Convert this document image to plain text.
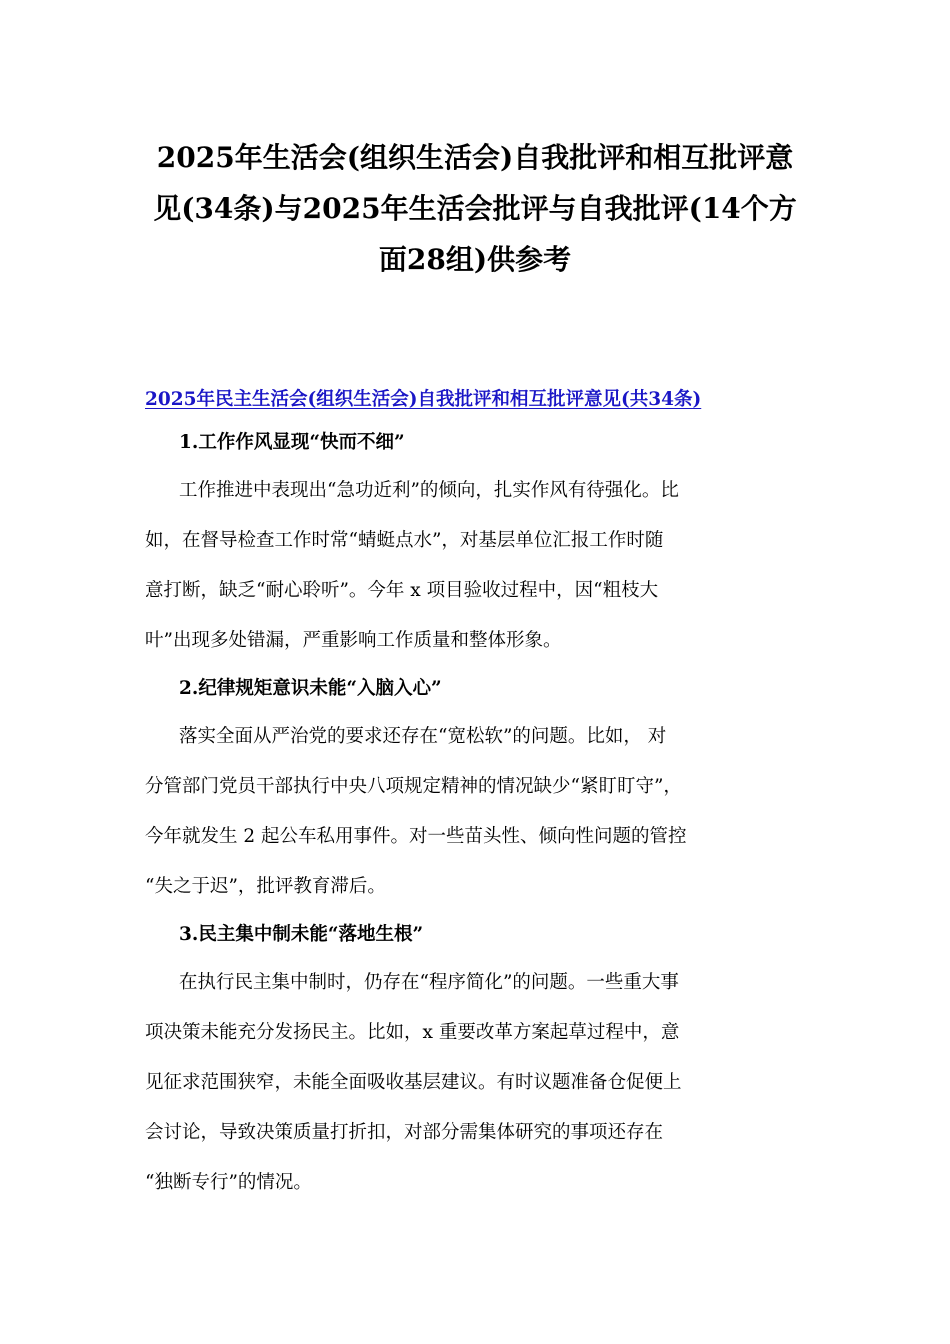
2025年生活会(组织生活会)自我批评和相互批评意
见(34条)与2025年生活会批评与自我批评(14个方
面28组)供参考
2025年民主生活会(组织生活会)自我批评和相互批评意见(共34条)

1.工作作风显现“快而不细”

工作推进中表现出“急功近利”的倾向，扎实作风有待强化。比
如，在督导检查工作时常“蜻蜓点水”，对基层单位汇报工作时随
意打断，缺乏“耐心聆听”。今年 x 项目验收过程中，因“粗枝大
叶”出现多处错漏，严重影响工作质量和整体形象。

2.纪律规矩意识未能“入脑入心”

落实全面从严治党的要求还存在“宽松软”的问题。比如， 对
分管部门党员干部执行中央八项规定精神的情况缺少“紧盯盯守”，
今年就发生 2 起公车私用事件。对一些苗头性、倾向性问题的管控
“失之于迟”，批评教育滞后。

3.民主集中制未能“落地生根”

在执行民主集中制时，仍存在“程序简化”的问题。一些重大事
项决策未能充分发扬民主。比如，x 重要改革方案起草过程中，意
见征求范围狭窄，未能全面吸收基层建议。有时议题准备仓促便上
会讨论，导致决策质量打折扣，对部分需集体研究的事项还存在
“独断专行”的情况。
